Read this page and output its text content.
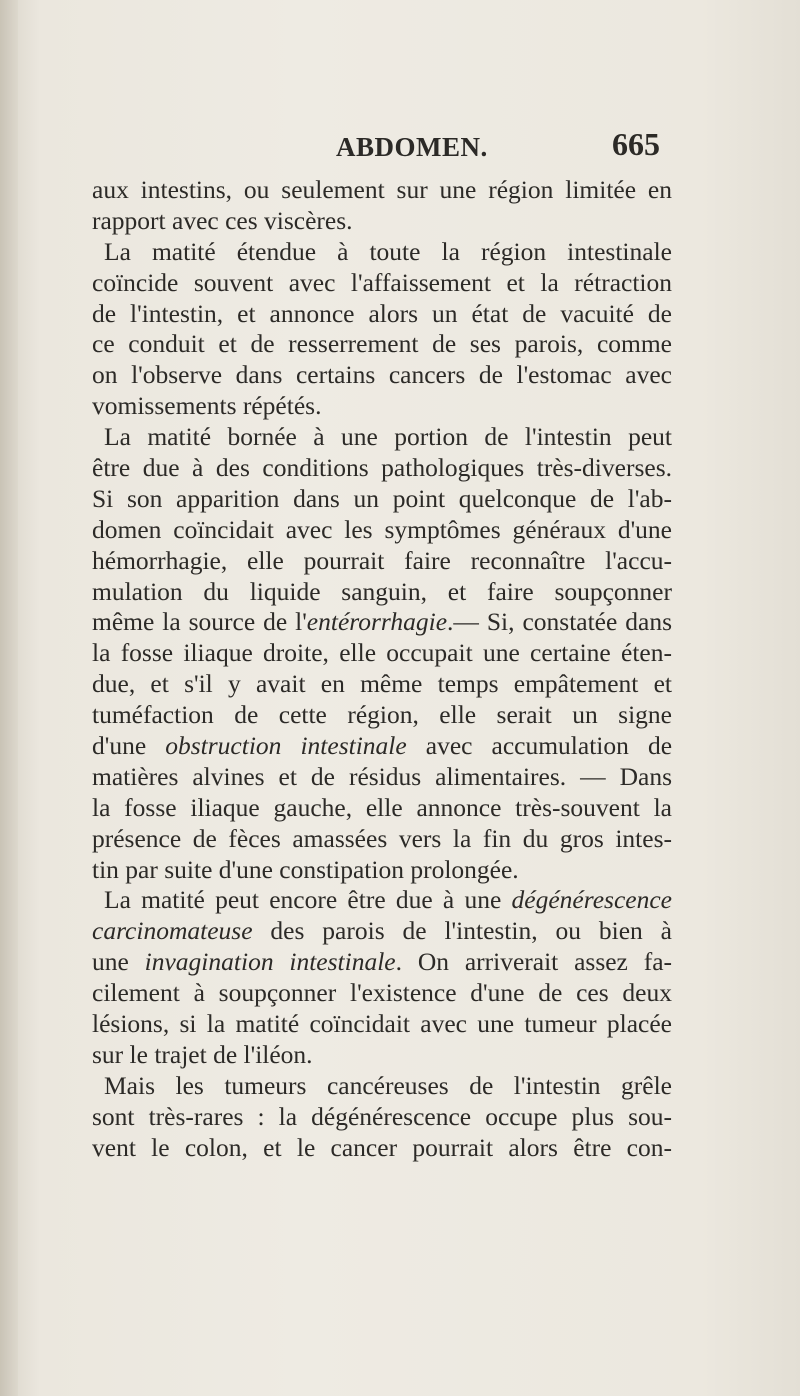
ABDOMEN.	665
aux intestins, ou seulement sur une région limitée en
rapport avec ces viscères.
La matité étendue à toute la région intestinale
coïncide souvent avec l'affaissement et la rétraction
de l'intestin, et annonce alors un état de vacuité de
ce conduit et de resserrement de ses parois, comme
on l'observe dans certains cancers de l'estomac avec
vomissements répétés.
La matité bornée à une portion de l'intestin peut
être due à des conditions pathologiques très-diverses.
Si son apparition dans un point quelconque de l'ab-
domen coïncidait avec les symptômes généraux d'une
hémorrhagie, elle pourrait faire reconnaître l'accu-
mulation du liquide sanguin, et faire soupçonner
même la source de l'entérorrhagie.— Si, constatée dans
la fosse iliaque droite, elle occupait une certaine éten-
due, et s'il y avait en même temps empâtement et
tuméfaction de cette région, elle serait un signe
d'une obstruction intestinale avec accumulation de
matières alvines et de résidus alimentaires. — Dans
la fosse iliaque gauche, elle annonce très-souvent la
présence de fèces amassées vers la fin du gros intes-
tin par suite d'une constipation prolongée.
La matité peut encore être due à une dégénérescence
carcinomateuse des parois de l'intestin, ou bien à
une invagination intestinale. On arriverait assez fa-
cilement à soupçonner l'existence d'une de ces deux
lésions, si la matité coïncidait avec une tumeur placée
sur le trajet de l'iléon.
Mais les tumeurs cancéreuses de l'intestin grêle
sont très-rares : la dégénérescence occupe plus sou-
vent le colon, et le cancer pourrait alors être con-
